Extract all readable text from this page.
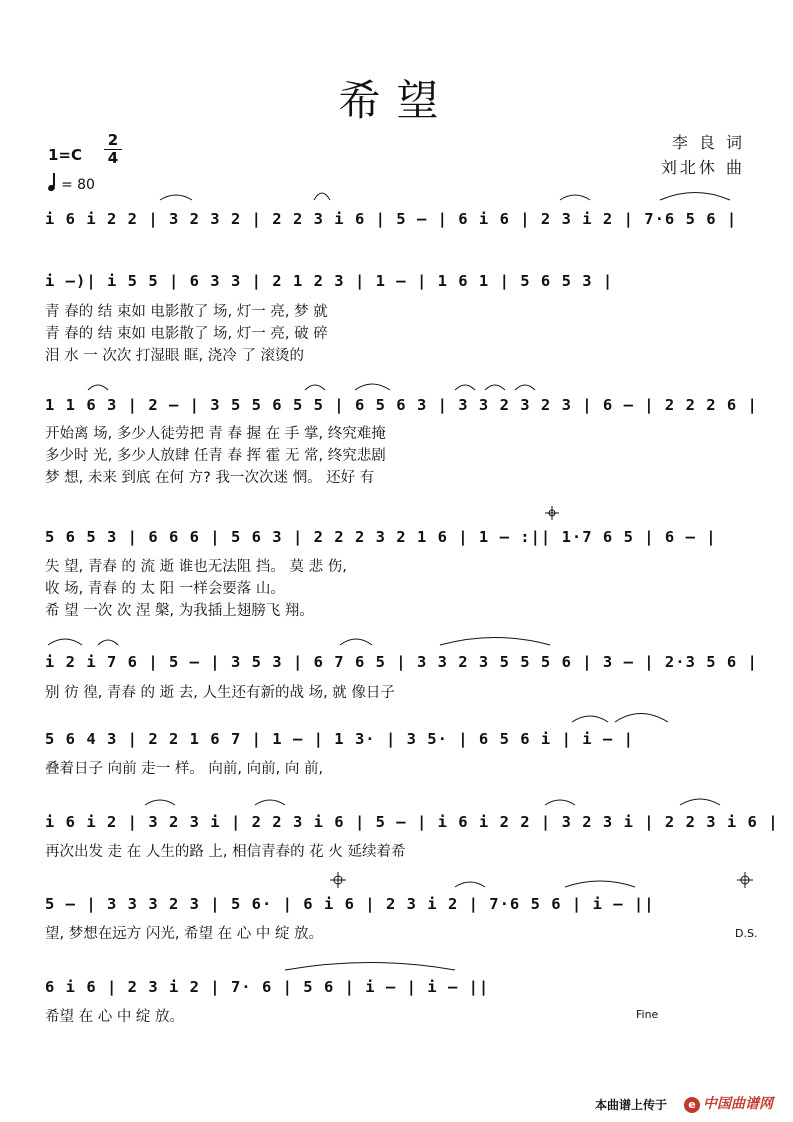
希望
1=C
2
4
= 80
李 良 词
刘北休 曲
i 6 i 2 2 | 3 2 3 2 | 2 2 3 i 6 | 5 – | 6 i 6 | 2 3 i 2 | 7·6 5 6 |
i –)| i 5 5 | 6 3 3 | 2 1 2 3 | 1 – | 1 6 1 | 5 6 5 3 |
青 春的 结 束如 电影散了 场, 灯一 亮, 梦 就
青 春的 结 束如 电影散了 场, 灯一 亮, 破 碎
泪 水 一 次次 打湿眼 眶, 浇冷 了 滚烫的
1 1 6 3 | 2 – | 3 5 5 6 5 5 | 6 5 6 3 | 3 3 2 3 2 3 | 6 – | 2 2 2 6 |
开始离 场, 多少人徒劳把 青 春 握 在 手 掌, 终究难掩
多少时 光, 多少人放肆 任青 春 挥 霍 无 常, 终究悲剧
梦 想, 未来 到底 在何 方? 我一次次迷 惘。 还好 有
5 6 5 3 | 6 6 6 | 5 6 3 | 2 2 2 3 2 1 6 | 1 – :|| 1·7 6 5 | 6 – |
失 望, 青春 的 流 逝 谁也无法阻 挡。 莫 悲 伤,
收 场, 青春 的 太 阳 一样会要落 山。
希 望 一次 次 涅 槃, 为我插上翅膀飞 翔。
i 2 i 7 6 | 5 – | 3 5 3 | 6 7 6 5 | 3 3 2 3 5 5 5 6 | 3 – | 2·3 5 6 |
别 彷 徨, 青春 的 逝 去, 人生还有新的战 场, 就 像日子
5 6 4 3 | 2 2 1 6 7 | 1 – | 1 3· | 3 5· | 6 5 6 i | i – |
叠着日子 向前 走一 样。 向前, 向前, 向 前,
i 6 i 2 | 3 2 3 i | 2 2 3 i 6 | 5 – | i 6 i 2 2 | 3 2 3 i | 2 2 3 i 6 |
再次出发 走 在 人生的路 上, 相信青春的 花 火 延续着希
5 – | 3 3 3 2 3 | 5 6· | 6 i 6 | 2 3 i 2 | 7·6 5 6 | i – ||
望, 梦想在远方 闪光, 希望 在 心 中 绽 放。	D.S.
6 i 6 | 2 3 i 2 | 7· 6 | 5 6 | i – | i – ||
希望 在 心 中 绽 放。	Fine
本曲谱上传于	e 中国曲谱网
